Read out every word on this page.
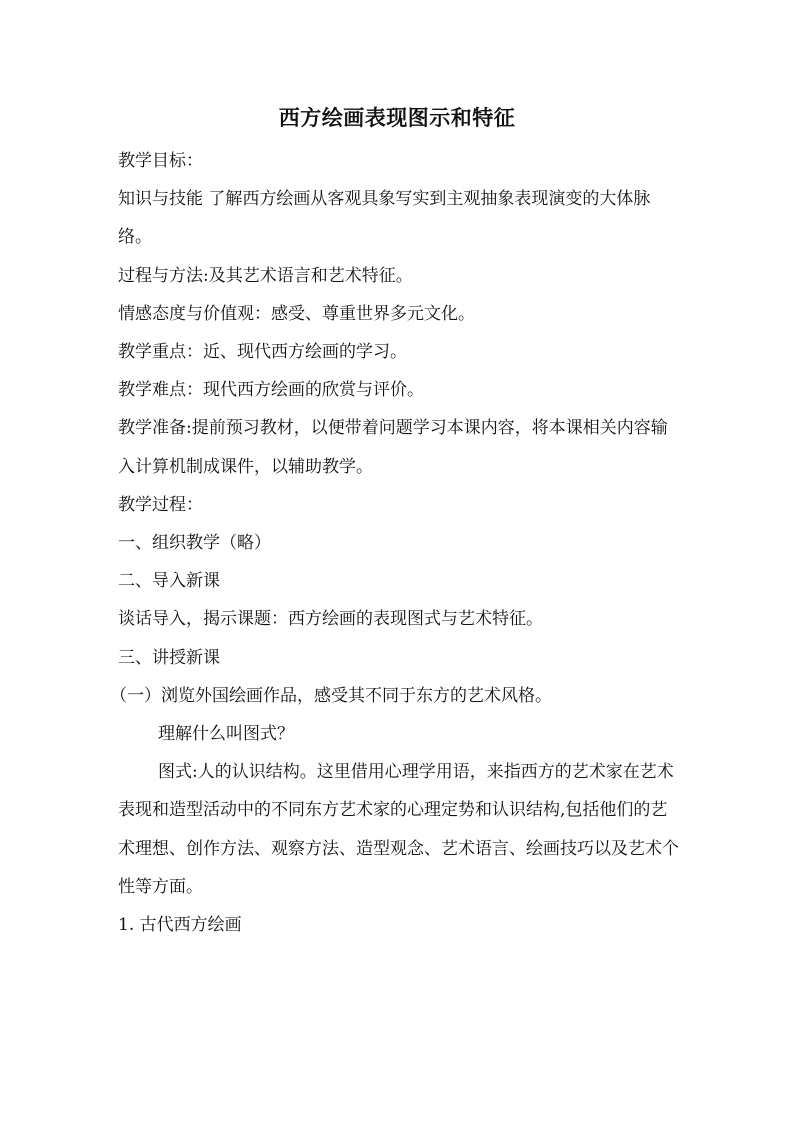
西方绘画表现图示和特征

教学目标：

知识与技能 了解西方绘画从客观具象写实到主观抽象表现演变的大体脉络。

过程与方法:及其艺术语言和艺术特征。

情感态度与价值观：感受、尊重世界多元文化。

教学重点：近、现代西方绘画的学习。

教学难点：现代西方绘画的欣赏与评价。

教学准备:提前预习教材，以便带着问题学习本课内容，将本课相关内容输入计算机制成课件，以辅助教学。

教学过程：

一、组织教学（略）

二、导入新课

谈话导入，揭示课题：西方绘画的表现图式与艺术特征。

三、讲授新课

（一）浏览外国绘画作品，感受其不同于东方的艺术风格。

理解什么叫图式？

图式:人的认识结构。这里借用心理学用语，来指西方的艺术家在艺术表现和造型活动中的不同东方艺术家的心理定势和认识结构,包括他们的艺术理想、创作方法、观察方法、造型观念、艺术语言、绘画技巧以及艺术个性等方面。

1. 古代西方绘画
